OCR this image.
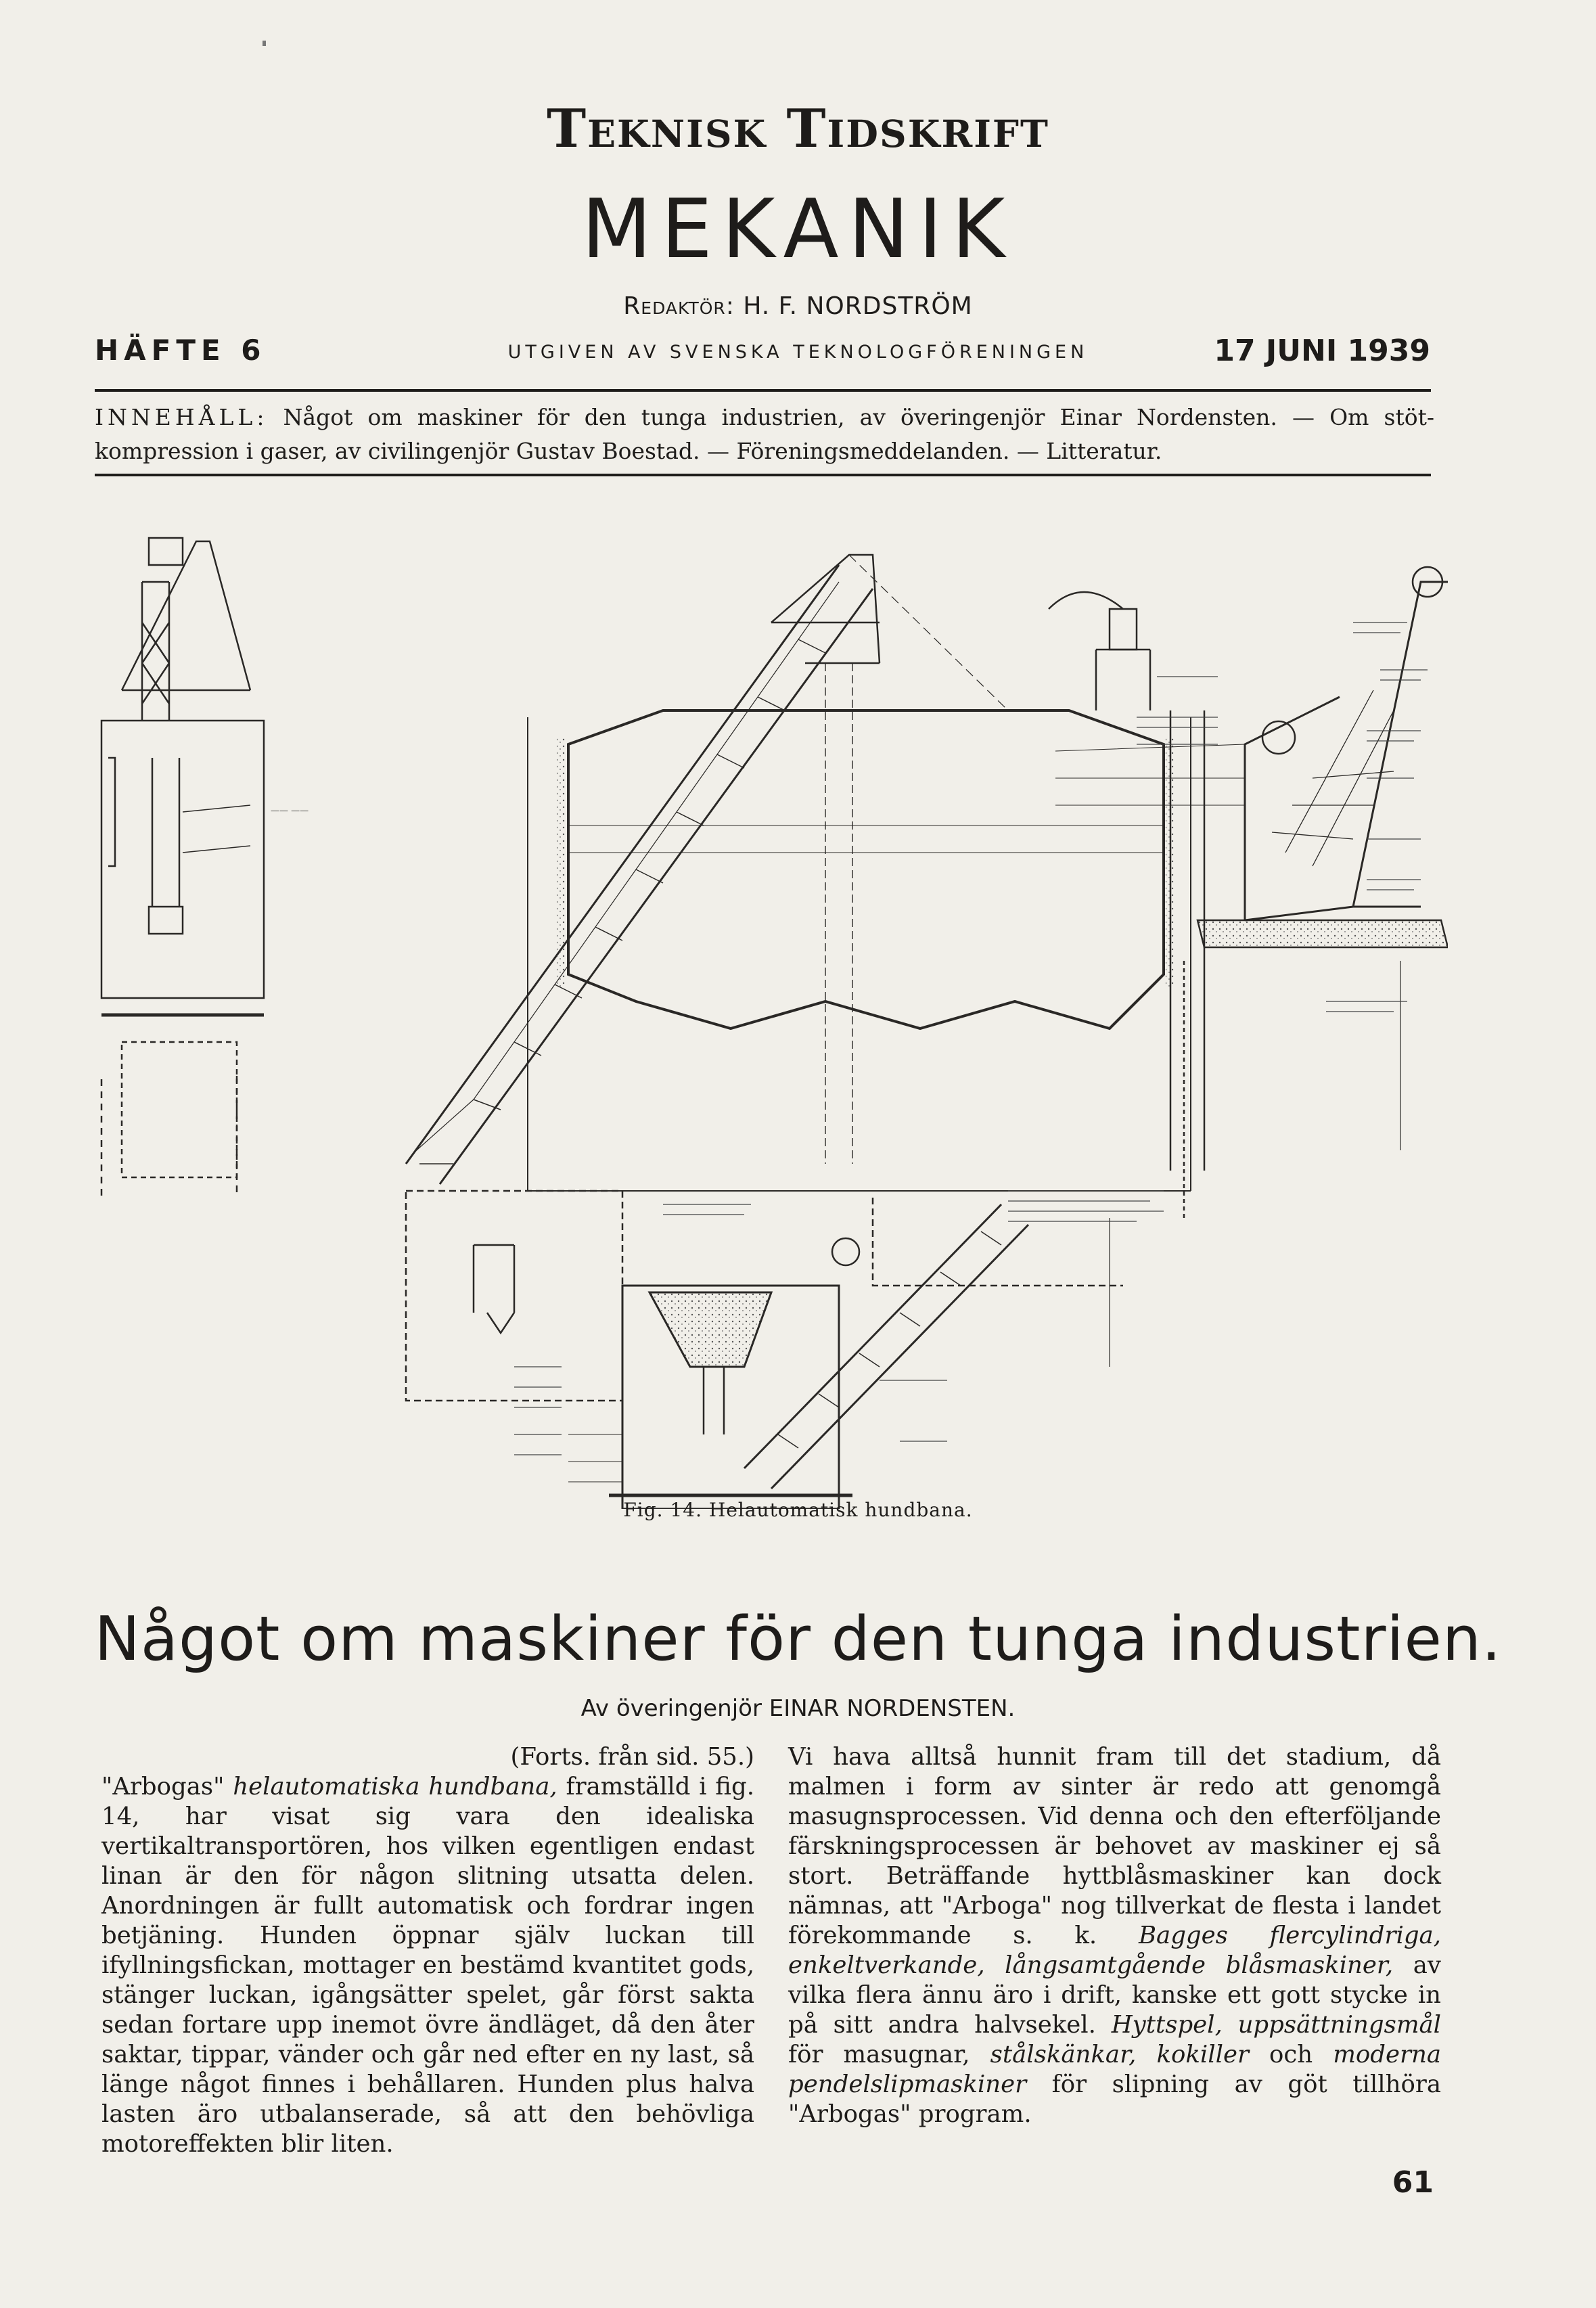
Teknisk Tidskrift
MEKANIK
Redaktör: H. F. NORDSTRÖM
HÄFTE 6	UTGIVEN AV SVENSKA TEKNOLOGFÖRENINGEN	17 JUNI 1939
INNEHÅLL: Något om maskiner för den tunga industrien, av överingenjör Einar Nordensten. — Om stöt-kompression i gaser, av civilingenjör Gustav Boestad. — Föreningsmeddelanden. — Litteratur.
—— ——
Fig. 14. Helautomatisk hundbana.
Något om maskiner för den tunga industrien.
Av överingenjör EINAR NORDENSTEN.

(Forts. från sid. 55.)

"Arbogas" helautomatiska hundbana, framställd i fig. 14, har visat sig vara den idealiska vertikaltransportören, hos vilken egentligen endast linan är den för någon slitning utsatta delen. Anordningen är fullt automatisk och fordrar ingen betjäning. Hunden öppnar själv luckan till ifyllningsfickan, mottager en bestämd kvantitet gods, stänger luckan, igångsätter spelet, går först sakta sedan fortare upp inemot övre ändläget, då den åter saktar, tippar, vänder och går ned efter en ny last, så länge något finnes i behållaren. Hunden plus halva lasten äro utbalanserade, så att den behövliga motoreffekten blir liten.

Vi hava alltså hunnit fram till det stadium, då malmen i form av sinter är redo att genomgå masugnsprocessen. Vid denna och den efterföljande färskningsprocessen är behovet av maskiner ej så stort. Beträffande hyttblåsmaskiner kan dock nämnas, att "Arboga" nog tillverkat de flesta i landet förekommande s. k. Bagges flercylindriga, enkeltverkande, långsamtgående blåsmaskiner, av vilka flera ännu äro i drift, kanske ett gott stycke in på sitt andra halvsekel. Hyttspel, uppsättningsmål för masugnar, stålskänkar, kokiller och moderna pendelslipmaskiner för slipning av göt tillhöra "Arbogas" program.

61
